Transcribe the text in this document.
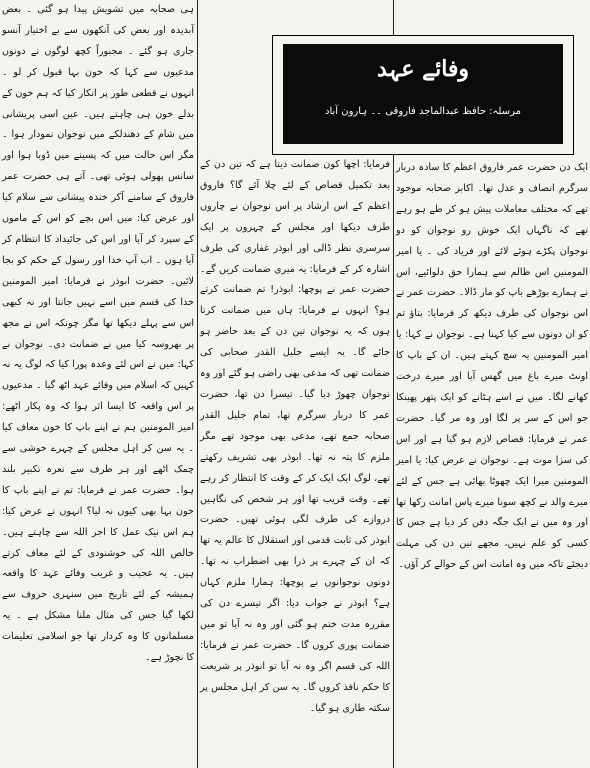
ہی صحابہ میں تشویش پیدا ہو گئی ۔ بعض آبدیدہ اور بعض کی آنکھوں سے بے اختیار آنسو جاری ہو گئے ۔ مجبوراً کچھ لوگوں نے دونوں مدعیوں سے کہا کہ خون بہا قبول کر لو ۔ انہوں نے قطعی طور پر انکار کیا کہ ہم خون کے بدلے خون ہی چاہتے ہیں۔ عین اسی پریشانی میں شام کے دھندلکے میں نوجوان نمودار ہوا ۔ مگر اس حالت میں کہ پسینے میں ڈوبا ہوا اور سانس پھولی ہوئی تھی۔ آتے ہی حضرت عمر فاروق کے سامنے آکر خندہ پیشانی سے سلام کیا اور عرض کیا: میں اس بچے کو اس کے ماموں کے سپرد کر آیا اور اس کی جائیداد کا انتظام کر آیا ہوں ۔ اب آپ خدا اور رسول کے حکم کو بجا لائیں۔ حضرت ابوذر نے فرمایا: امیر المومنین خدا کی قسم میں اسے نہیں جانتا اور نہ کبھی اس سے پہلے دیکھا تھا مگر چونکہ اس نے مجھ پر بھروسہ کیا میں نے ضمانت دی۔ نوجوان نے کہا: میں نے اس لئے وعدہ پورا کیا کہ لوگ یہ نہ کہیں کہ اسلام میں وفائے عہد اٹھ گیا ۔ مدعیوں پر اس واقعہ کا ایسا اثر ہوا کہ وہ پکار اٹھے: امیر المومنین ہم نے اپنے باپ کا خون معاف کیا ۔ یہ سن کر اہل مجلس کے چہرے خوشی سے چمک اٹھے اور ہر طرف سے نعرہ تکبیر بلند ہوا۔ حضرت عمر نے فرمایا: تم نے اپنے باپ کا خون بہا بھی کیوں نہ لیا؟ انہوں نے عرض کیا: ہم اس نیک عمل کا اجر اللہ سے چاہتے ہیں۔ خالص اللہ کی خوشنودی کے لئے معاف کرتے ہیں۔ یہ عجیب و غریب وفائے عہد کا واقعہ ہمیشہ کے لئے تاریخ میں سنہری حروف سے لکھا گیا جس کی مثال ملنا مشکل ہے ۔ یہ مسلمانوں کا وہ کردار تھا جو اسلامی تعلیمات کا نچوڑ ہے۔

فرمایا: اچھا کون ضمانت دیتا ہے کہ تین دن کے بعد تکمیل قصاص کے لئے چلا آئے گا؟ فاروق اعظم کے اس ارشاد پر اس نوجوان نے چاروں طرف دیکھا اور مجلس کے چہروں پر ایک سرسری نظر ڈالی اور ابوذر غفاری کی طرف اشارہ کر کے فرمایا: یہ میری ضمانت کریں گے۔ حضرت عمر نے پوچھا: ابوذر! تم ضمانت کرتے ہو؟ انہوں نے فرمایا: ہاں میں ضمانت کرتا ہوں کہ یہ نوجوان تین دن کے بعد حاضر ہو جائے گا۔ یہ ایسے جلیل القدر صحابی کی ضمانت تھی کہ مدعی بھی راضی ہو گئے اور وہ نوجوان چھوڑ دیا گیا۔ تیسرا دن تھا، حضرت عمر کا دربار سرگرم تھا، تمام جلیل القدر صحابہ جمع تھے، مدعی بھی موجود تھے مگر ملزم کا پتہ نہ تھا۔ ابوذر بھی تشریف رکھتے تھے، لوگ ایک ایک کر کے وقت کا انتظار کر رہے تھے۔ وقت قریب تھا اور ہر شخص کی نگاہیں دروازے کی طرف لگی ہوئی تھیں۔ حضرت ابوذر کی ثابت قدمی اور استقلال کا عالم یہ تھا کہ ان کے چہرے پر ذرا بھی اضطراب نہ تھا۔ دونوں نوجوانوں نے پوچھا: ہمارا ملزم کہاں ہے؟ ابوذر نے جواب دیا: اگر تیسرے دن کی مقررہ مدت ختم ہو گئی اور وہ نہ آیا تو میں ضمانت پوری کروں گا۔ حضرت عمر نے فرمایا: اللہ کی قسم اگر وہ نہ آیا تو ابوذر پر شریعت کا حکم نافذ کروں گا۔ یہ سن کر اہل مجلس پر سکتہ طاری ہو گیا۔

ایک دن حضرت عمر فاروق اعظم کا سادہ دربار سرگرم انصاف و عدل تھا۔ اکابر صحابہ موجود تھے کہ مختلف معاملات پیش ہو کر طے ہو رہے تھے کہ ناگہاں ایک خوش رو نوجوان کو دو نوجوان پکڑے ہوئے لائے اور فریاد کی ۔ یا امیر المومنین اس ظالم سے ہمارا حق دلوائیے، اس نے ہمارے بوڑھے باپ کو مار ڈالا۔ حضرت عمر نے اس نوجوان کی طرف دیکھ کر فرمایا: بتاؤ تم کو ان دونوں سے کیا کہنا ہے۔ نوجوان نے کہا: یا امیر المومنین یہ سچ کہتے ہیں۔ ان کے باپ کا اونٹ میرے باغ میں گھس آیا اور میرے درخت کھانے لگا۔ میں نے اسے ہٹانے کو ایک پتھر پھینکا جو اس کے سر پر لگا اور وہ مر گیا۔ حضرت عمر نے فرمایا: قصاص لازم ہو گیا ہے اور اس کی سزا موت ہے۔ نوجوان نے عرض کیا: یا امیر المومنین میرا ایک چھوٹا بھائی ہے جس کے لئے میرے والد نے کچھ سونا میرے پاس امانت رکھا تھا اور وہ میں نے ایک جگہ دفن کر دیا ہے جس کا کسی کو علم نہیں، مجھے تین دن کی مہلت دیجئے تاکہ میں وہ امانت اس کے حوالے کر آؤں۔

وفائے عہد
مرسلہ: حافظ عبدالماجد فاروقی ۔۔ ہارون آباد
